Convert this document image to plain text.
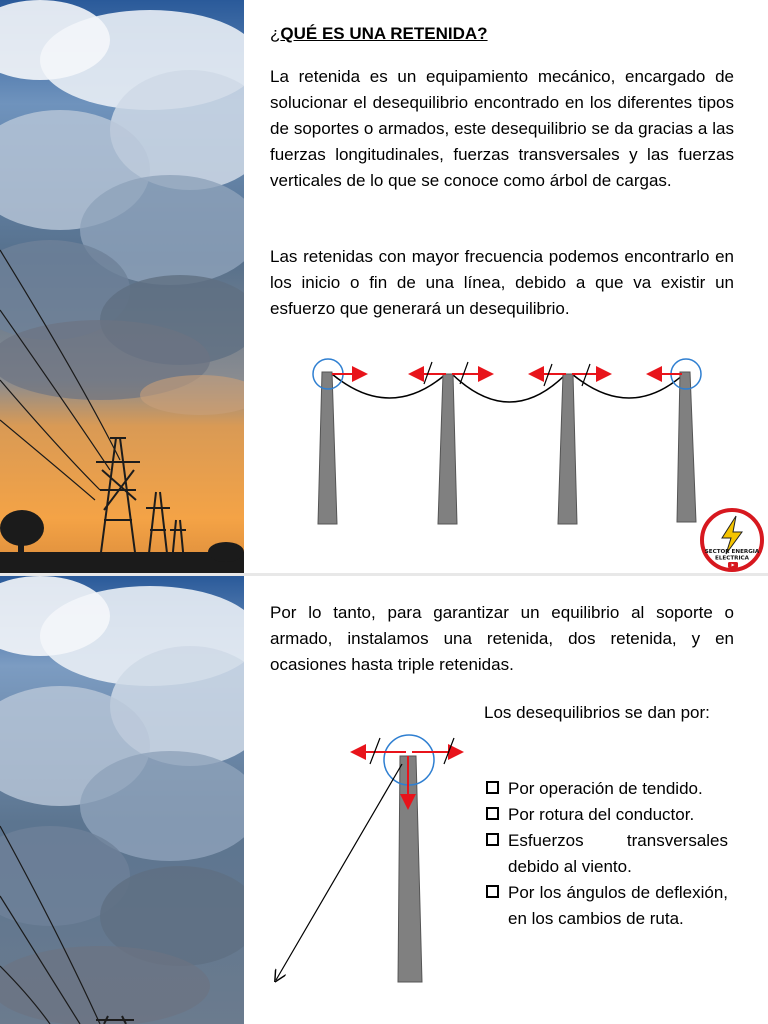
¿QUÉ ES UNA RETENIDA?
La retenida es un equipamiento mecánico, encargado de solucionar el desequilibrio encontrado en los diferentes tipos de soportes o armados, este desequilibrio se da gracias a las fuerzas longitudinales, fuerzas transversales y las fuerzas verticales de lo que se conoce como árbol de cargas.
Las retenidas con mayor frecuencia podemos encontrarlo en los inicio o fin de una línea, debido a que va existir un esfuerzo que generará un desequilibrio.
SECTOR ENERGIA
ELECTRICA
Por lo tanto, para garantizar un equilibrio al soporte o armado, instalamos una retenida, dos retenida, y en ocasiones hasta triple retenidas.
Los desequilibrios se dan por:
Por operación de tendido.
Por rotura del conductor.
Esfuerzos transversales debido al viento.
Por los ángulos de deflexión, en los cambios de ruta.
